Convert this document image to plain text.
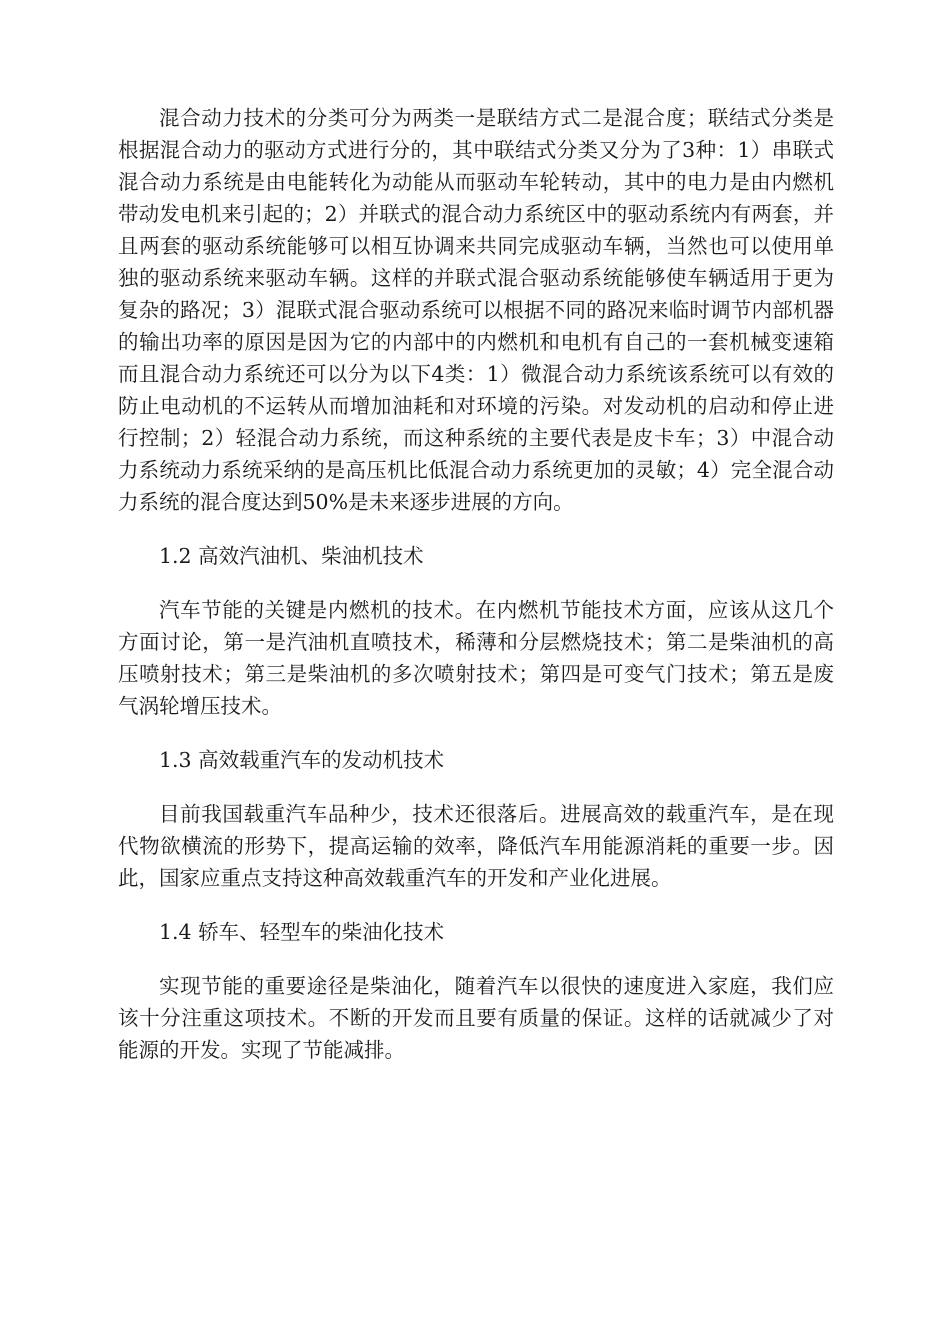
混合动力技术的分类可分为两类一是联结方式二是混合度；联结式分类是根据混合动力的驱动方式进行分的，其中联结式分类又分为了3种：1）串联式混合动力系统是由电能转化为动能从而驱动车轮转动，其中的电力是由内燃机带动发电机来引起的；2）并联式的混合动力系统区中的驱动系统内有两套，并且两套的驱动系统能够可以相互协调来共同完成驱动车辆，当然也可以使用单独的驱动系统来驱动车辆。这样的并联式混合驱动系统能够使车辆适用于更为复杂的路况；3）混联式混合驱动系统可以根据不同的路况来临时调节内部机器的输出功率的原因是因为它的内部中的内燃机和电机有自己的一套机械变速箱而且混合动力系统还可以分为以下4类：1）微混合动力系统该系统可以有效的防止电动机的不运转从而增加油耗和对环境的污染。对发动机的启动和停止进行控制；2）轻混合动力系统，而这种系统的主要代表是皮卡车；3）中混合动力系统动力系统采纳的是高压机比低混合动力系统更加的灵敏；4）完全混合动力系统的混合度达到50%是未来逐步进展的方向。

1.2 高效汽油机、柴油机技术

汽车节能的关键是内燃机的技术。在内燃机节能技术方面，应该从这几个方面讨论，第一是汽油机直喷技术，稀薄和分层燃烧技术；第二是柴油机的高压喷射技术；第三是柴油机的多次喷射技术；第四是可变气门技术；第五是废气涡轮增压技术。

1.3 高效载重汽车的发动机技术

目前我国载重汽车品种少，技术还很落后。进展高效的载重汽车，是在现代物欲横流的形势下，提高运输的效率，降低汽车用能源消耗的重要一步。因此，国家应重点支持这种高效载重汽车的开发和产业化进展。

1.4 轿车、轻型车的柴油化技术

实现节能的重要途径是柴油化，随着汽车以很快的速度进入家庭，我们应该十分注重这项技术。不断的开发而且要有质量的保证。这样的话就减少了对能源的开发。实现了节能减排。
